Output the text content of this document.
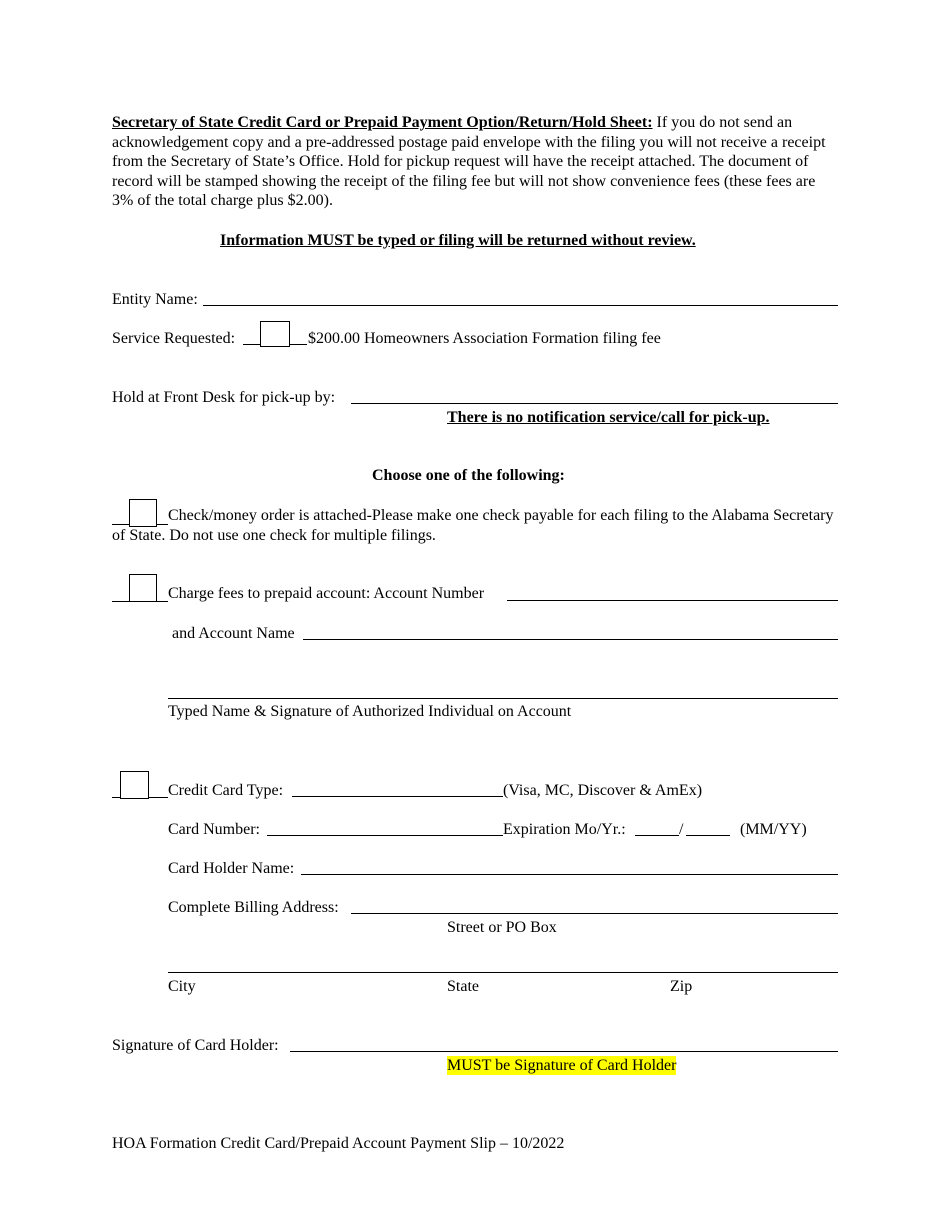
Secretary of State Credit Card or Prepaid Payment Option/Return/Hold Sheet: If you do not send an acknowledgement copy and a pre-addressed postage paid envelope with the filing you will not receive a receipt from the Secretary of State’s Office. Hold for pickup request will have the receipt attached. The document of record will be stamped showing the receipt of the filing fee but will not show convenience fees (these fees are 3% of the total charge plus $2.00).
Information MUST be typed or filing will be returned without review.
Entity Name:
Service Requested:	$200.00 Homeowners Association Formation filing fee
Hold at Front Desk for pick-up by:
There is no notification service/call for pick-up.
Choose one of the following:
Check/money order is attached-Please make one check payable for each filing to the Alabama Secretary of State. Do not use one check for multiple filings.
Charge fees to prepaid account: Account Number
and Account Name
Typed Name & Signature of Authorized Individual on Account
Credit Card Type:	(Visa, MC, Discover & AmEx)
Card Number:	Expiration Mo/Yr.:	/	(MM/YY)
Card Holder Name:
Complete Billing Address:
Street or PO Box
City	State	Zip
Signature of Card Holder:
MUST be Signature of Card Holder
HOA Formation Credit Card/Prepaid Account Payment Slip – 10/2022
